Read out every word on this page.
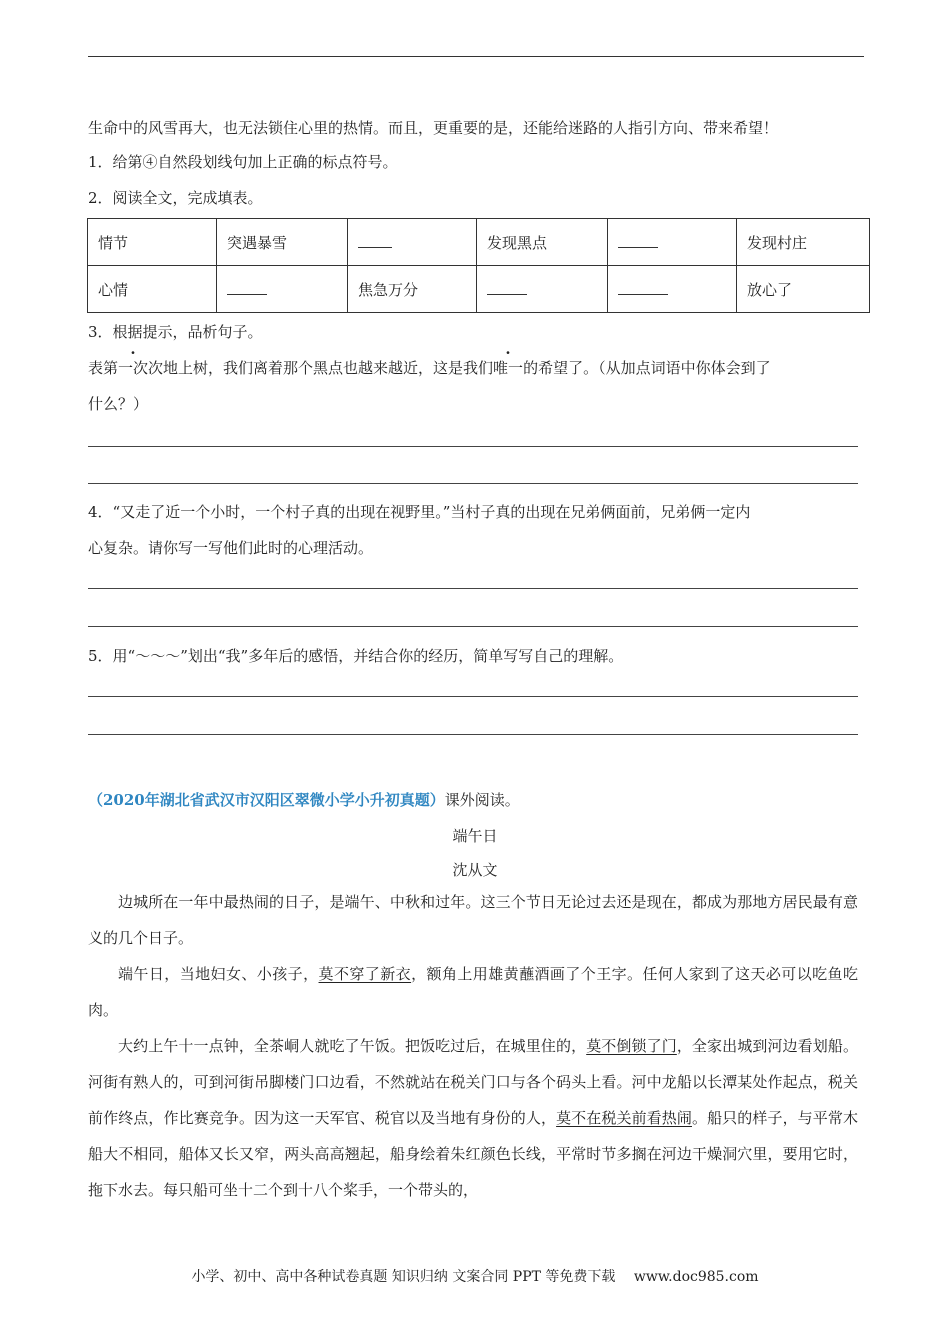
生命中的风雪再大，也无法锁住心里的热情。而且，更重要的是，还能给迷路的人指引方向、带来希望！
1．给第④自然段划线句加上正确的标点符号。
2．阅读全文，完成填表。
情节	突遇暴雪		发现黑点		发现村庄
心情		焦急万分			放心了
3．根据提示，品析句子。
表第一次次地上树，我们离着那个黑点也越来越近，这是我们唯一的希望了。（从加点词语中你体会到了
什么？）
4．“又走了近一个小时，一个村子真的出现在视野里。”当村子真的出现在兄弟俩面前，兄弟俩一定内
心复杂。请你写一写他们此时的心理活动。
5．用“～～～”划出“我”多年后的感悟，并结合你的经历，简单写写自己的理解。
（2020年湖北省武汉市汉阳区翠微小学小升初真题）课外阅读。
端午日
沈从文
边城所在一年中最热闹的日子，是端午、中秋和过年。这三个节日无论过去还是现在，都成为那地方居民最有意义的几个日子。
端午日，当地妇女、小孩子，莫不穿了新衣，额角上用雄黄蘸酒画了个王字。任何人家到了这天必可以吃鱼吃肉。
大约上午十一点钟，全茶峒人就吃了午饭。把饭吃过后，在城里住的，莫不倒锁了门，全家出城到河边看划船。河街有熟人的，可到河街吊脚楼门口边看，不然就站在税关门口与各个码头上看。河中龙船以长潭某处作起点，税关前作终点，作比赛竞争。因为这一天军官、税官以及当地有身份的人，莫不在税关前看热闹。船只的样子，与平常木船大不相同，船体又长又窄，两头高高翘起，船身绘着朱红颜色长线，平常时节多搁在河边干燥洞穴里，要用它时，拖下水去。每只船可坐十二个到十八个桨手，一个带头的，
小学、初中、高中各种试卷真题 知识归纳 文案合同 PPT 等免费下载　 www.doc985.com
